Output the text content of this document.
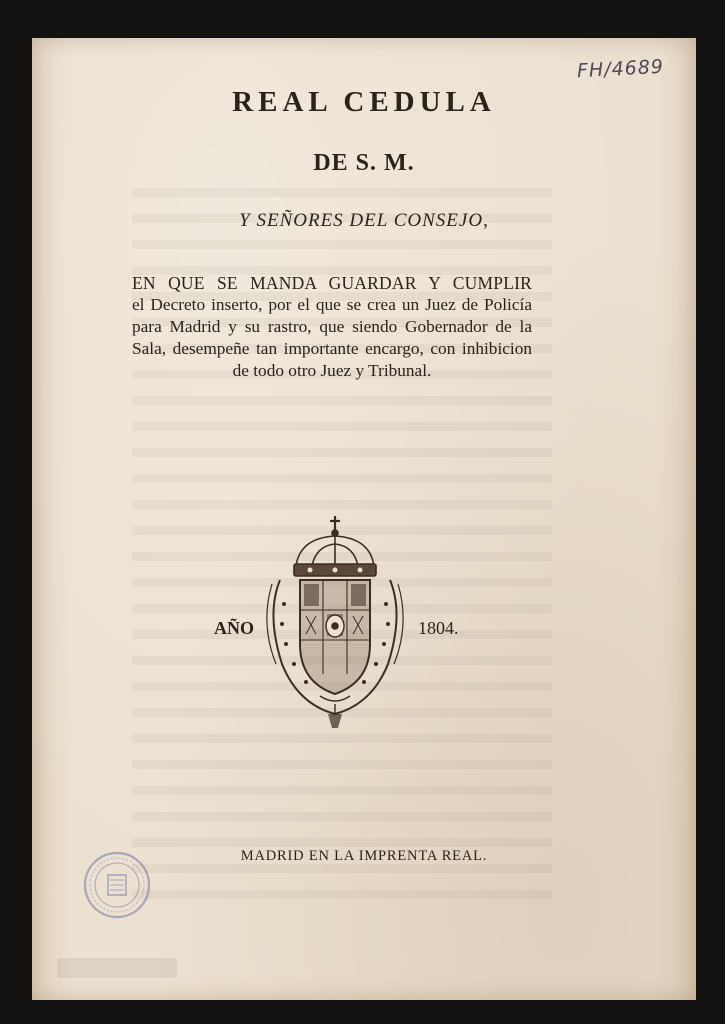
FH/4689
REAL CEDULA
DE S. M.
Y SEÑORES DEL CONSEJO,
EN QUE SE MANDA GUARDAR Y CUMPLIR
el Decreto inserto, por el que se crea un Juez de Policía para Madrid y su rastro, que siendo Gobernador de la Sala, desempeñe tan importante encargo, con inhibicion de todo otro Juez y Tribunal.
AÑO	1804.
MADRID EN LA IMPRENTA REAL.
